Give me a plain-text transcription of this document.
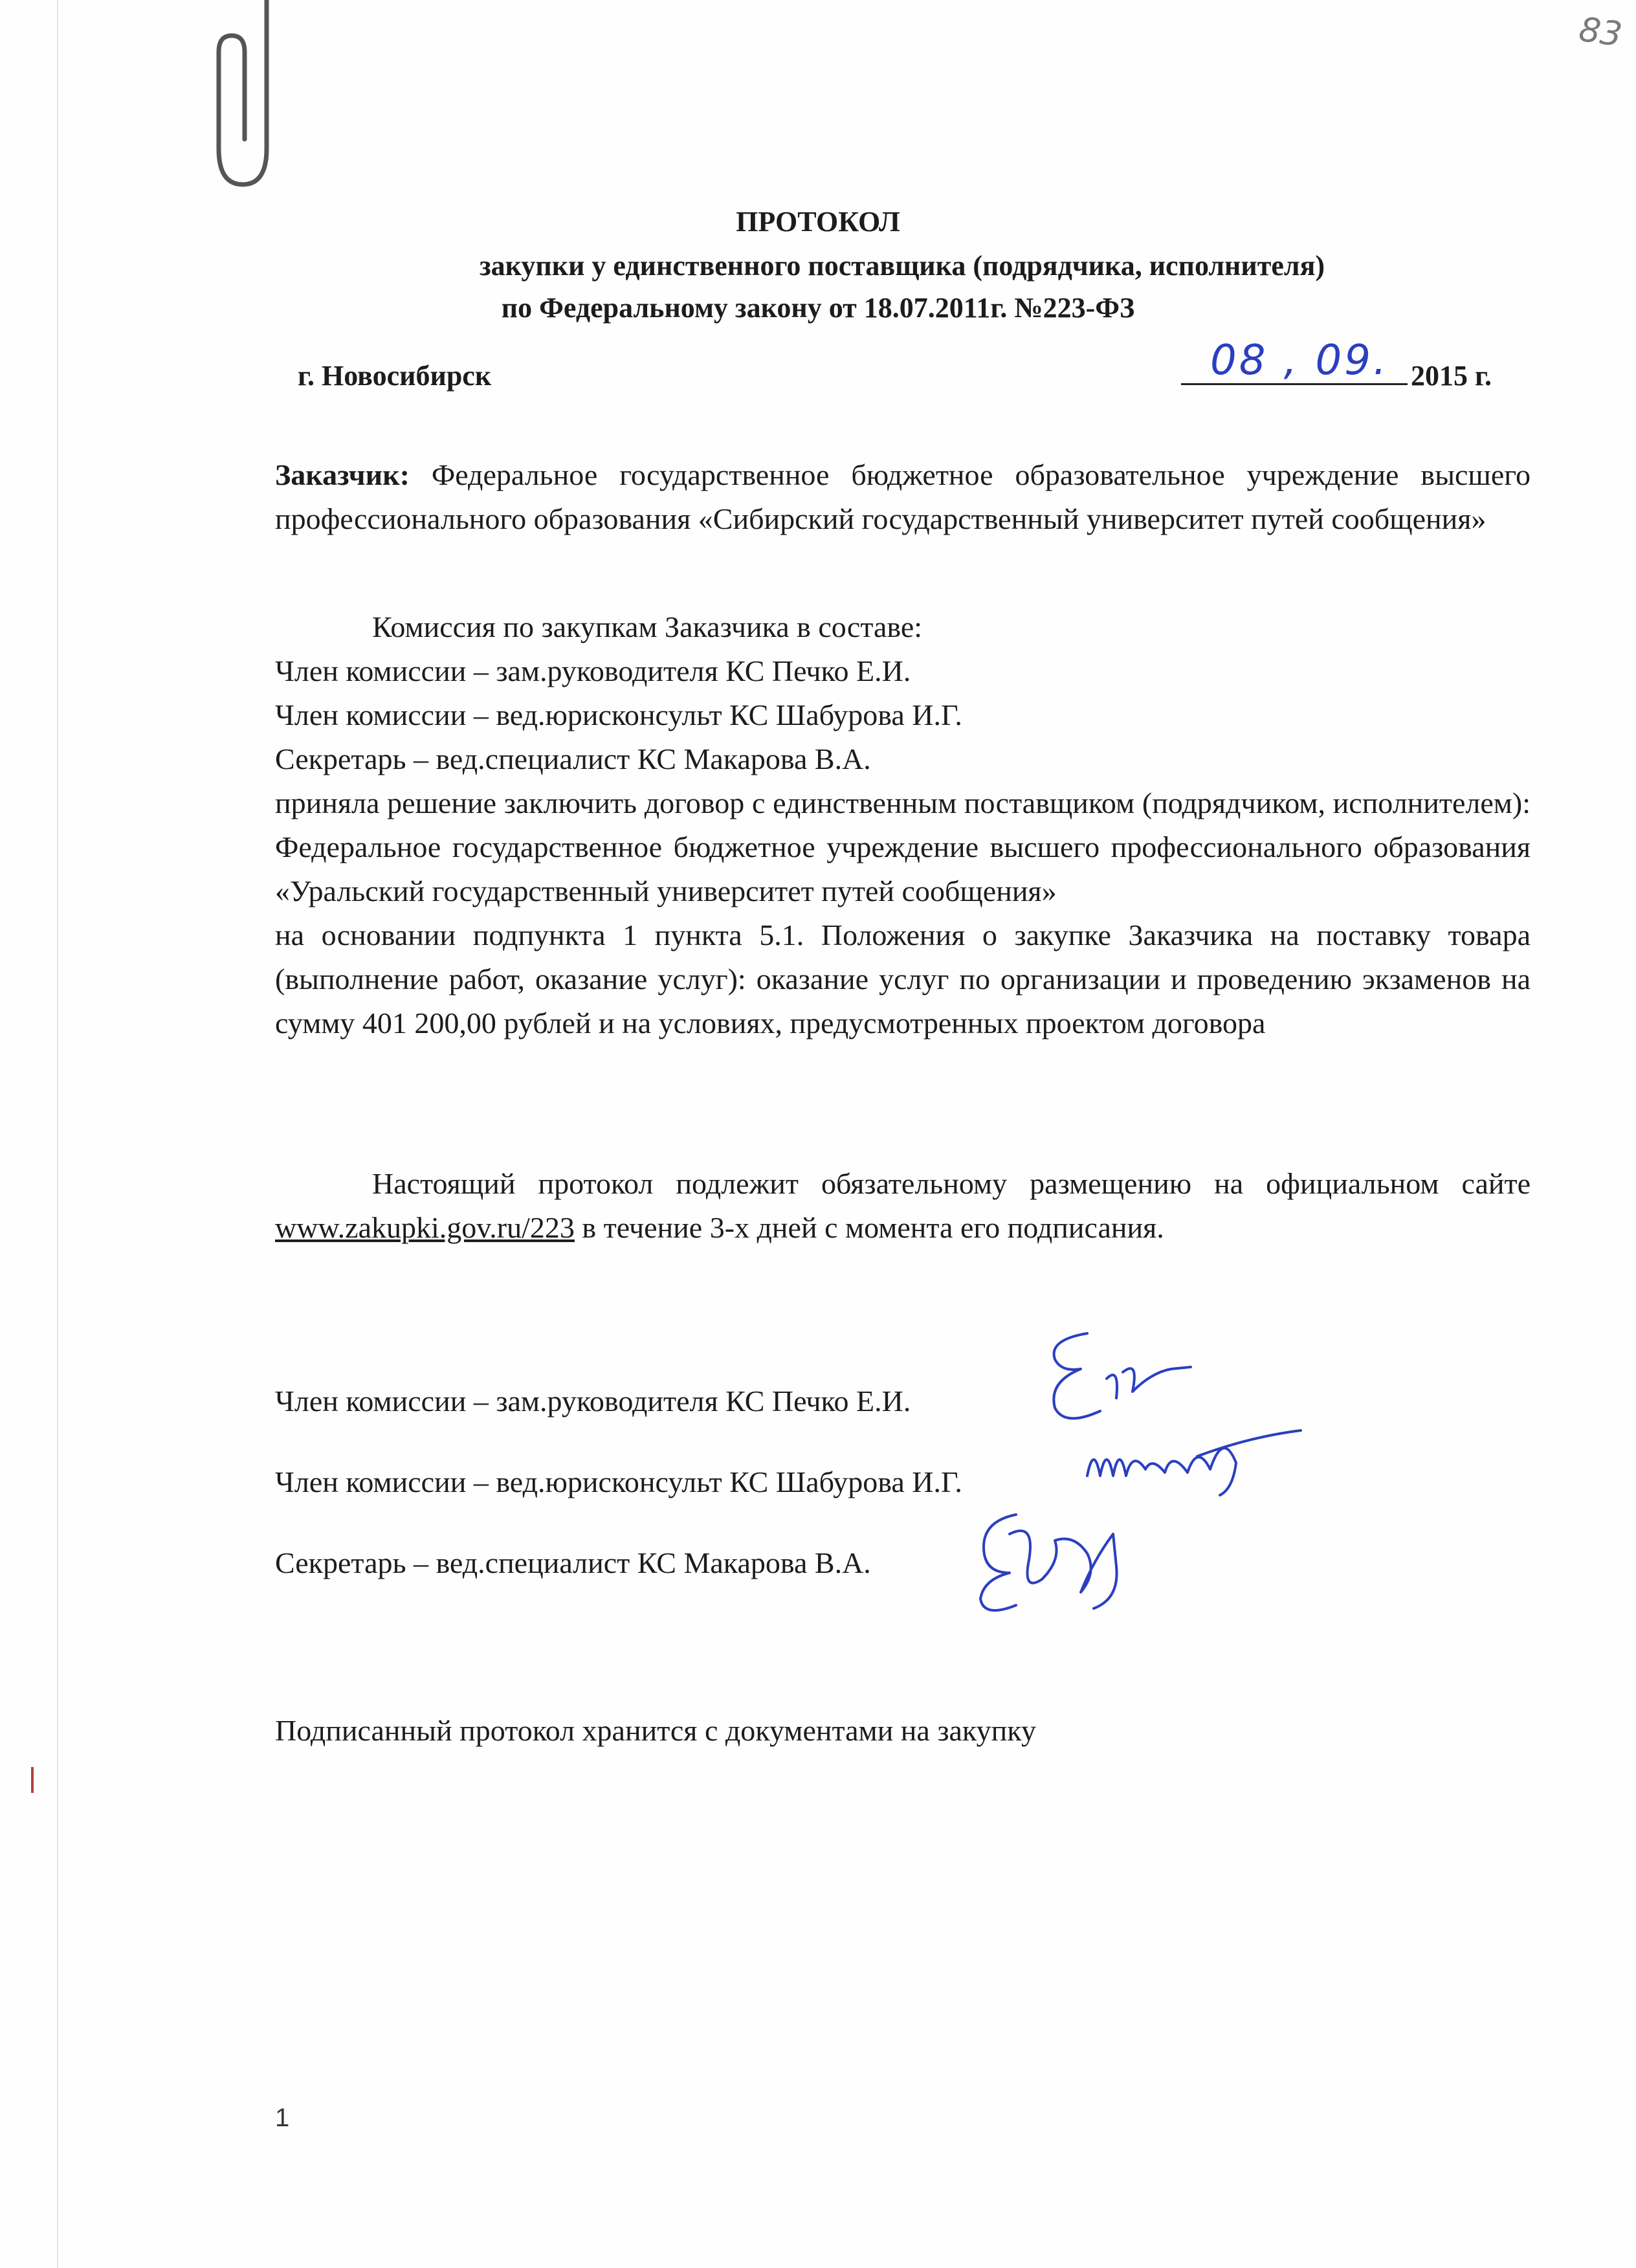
83
ПРОТОКОЛ
закупки у единственного поставщика (подрядчика, исполнителя)
по Федеральному закону от 18.07.2011г. №223-ФЗ
г. Новосибирск	08 , 09. 2015 г.
Заказчик: Федеральное государственное бюджетное образовательное учреждение высшего профессионального образования «Сибирский государственный университет путей сообщения»
Комиссия по закупкам Заказчика в составе:
Член комиссии – зам.руководителя КС Печко Е.И.
Член комиссии – вед.юрисконсульт КС Шабурова И.Г.
Секретарь – вед.специалист КС Макарова В.А.
приняла решение заключить договор с единственным поставщиком (подрядчиком, исполнителем): Федеральное государственное бюджетное учреждение высшего профессионального образования «Уральский государственный университет путей сообщения»
на основании подпункта 1 пункта 5.1. Положения о закупке Заказчика на поставку товара (выполнение работ, оказание услуг): оказание услуг по организации и проведению экзаменов на сумму 401 200,00 рублей и на условиях, предусмотренных проектом договора
Настоящий протокол подлежит обязательному размещению на официальном сайте www.zakupki.gov.ru/223 в течение 3-х дней с момента его подписания.
Член комиссии – зам.руководителя КС Печко Е.И.
Член комиссии – вед.юрисконсульт КС Шабурова И.Г.
Секретарь – вед.специалист КС Макарова В.А.
Подписанный протокол хранится с документами на закупку
1
